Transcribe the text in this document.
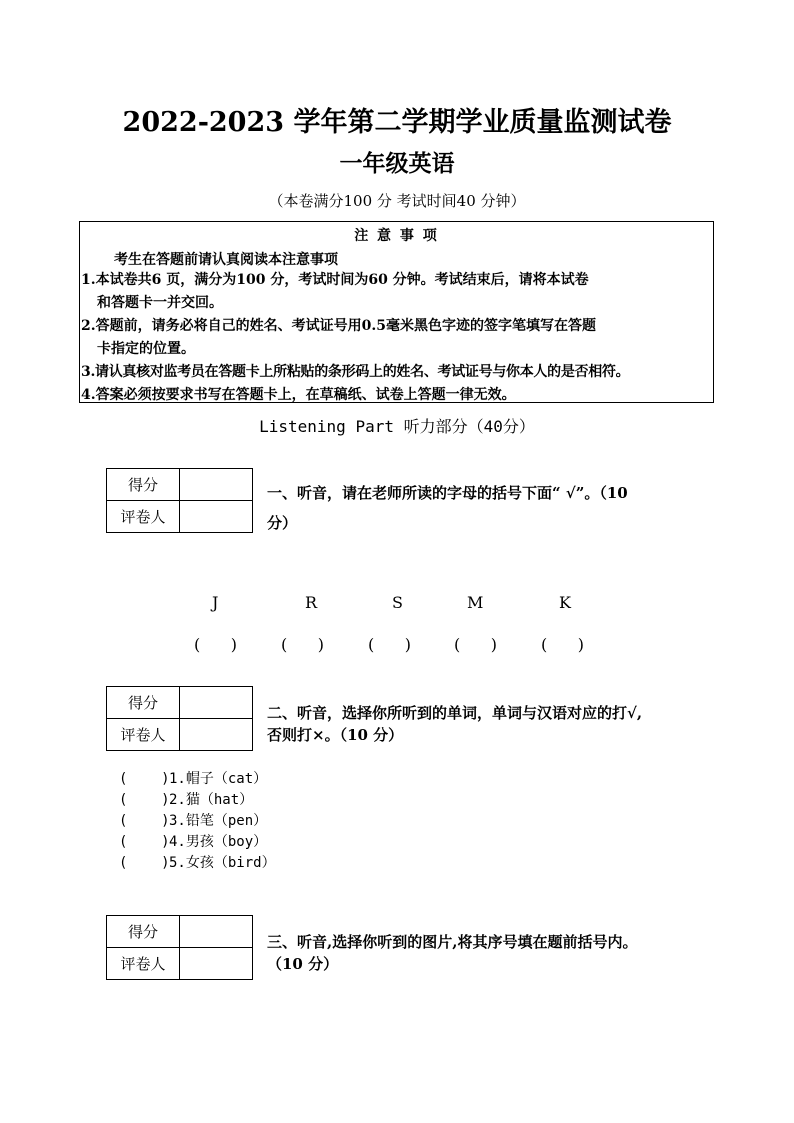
2022-2023 学年第二学期学业质量监测试卷
一年级英语
（本卷满分100 分 考试时间40 分钟）
注 意 事 项
考生在答题前请认真阅读本注意事项
1.本试卷共6 页，满分为100 分，考试时间为60 分钟。考试结束后，请将本试卷
和答题卡一并交回。
2.答题前，请务必将自己的姓名、考试证号用0.5毫米黑色字迹的签字笔填写在答题
卡指定的位置。
3.请认真核对监考员在答题卡上所粘贴的条形码上的姓名、考试证号与你本人的是否相符。
4.答案必须按要求书写在答题卡上，在草稿纸、试卷上答题一律无效。
Listening Part 听力部分（40分）
得分	
评卷人	
一、听音，请在老师所读的字母的括号下面“ √”。（10
分）
J	R	S	M	K
(      )	(      )	(      )	(      )	(      )
得分	
评卷人	
二、听音，选择你所听到的单词，单词与汉语对应的打√,
否则打×。（10 分）
(    )1.帽子（cat）
(    )2.猫（hat）
(    )3.铅笔（pen）
(    )4.男孩（boy）
(    )5.女孩（bird）
得分	
评卷人	
三、听音,选择你听到的图片,将其序号填在题前括号内。
（10 分）
